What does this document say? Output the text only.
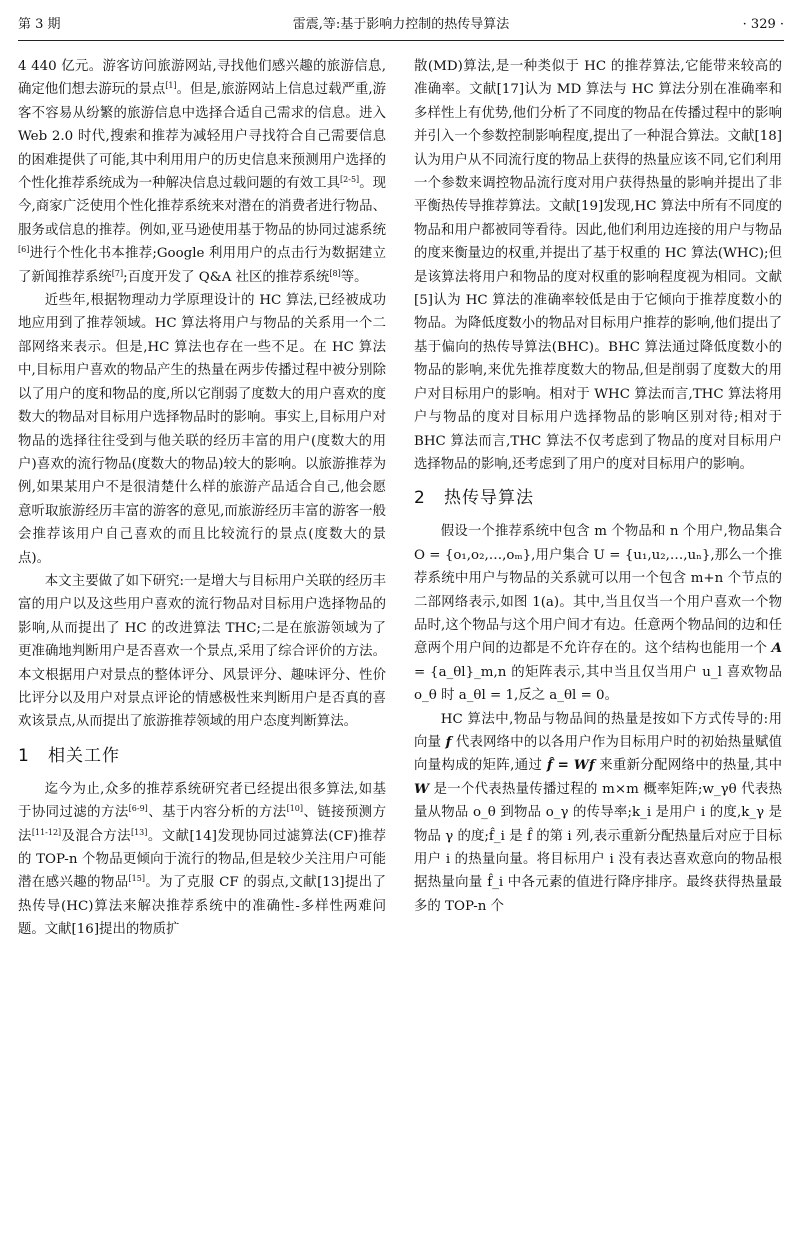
第 3 期	雷震,等:基于影响力控制的热传导算法	· 329 ·

4 440 亿元。游客访问旅游网站,寻找他们感兴趣的旅游信息,确定他们想去游玩的景点[1]。但是,旅游网站上信息过载严重,游客不容易从纷繁的旅游信息中选择合适自己需求的信息。进入 Web 2.0 时代,搜索和推荐为减轻用户寻找符合自己需要信息的困难提供了可能,其中利用用户的历史信息来预测用户选择的个性化推荐系统成为一种解决信息过载问题的有效工具[2-5]。现今,商家广泛使用个性化推荐系统来对潜在的消费者进行物品、服务或信息的推荐。例如,亚马逊使用基于物品的协同过滤系统[6]进行个性化书本推荐;Google 利用用户的点击行为数据建立了新闻推荐系统[7];百度开发了 Q&A 社区的推荐系统[8]等。

近些年,根据物理动力学原理设计的 HC 算法,已经被成功地应用到了推荐领域。HC 算法将用户与物品的关系用一个二部网络来表示。但是,HC 算法也存在一些不足。在 HC 算法中,目标用户喜欢的物品产生的热量在两步传播过程中被分别除以了用户的度和物品的度,所以它削弱了度数大的用户喜欢的度数大的物品对目标用户选择物品时的影响。事实上,目标用户对物品的选择往往受到与他关联的经历丰富的用户(度数大的用户)喜欢的流行物品(度数大的物品)较大的影响。以旅游推荐为例,如果某用户不是很清楚什么样的旅游产品适合自己,他会愿意听取旅游经历丰富的游客的意见,而旅游经历丰富的游客一般会推荐该用户自己喜欢的而且比较流行的景点(度数大的景点)。

本文主要做了如下研究:一是增大与目标用户关联的经历丰富的用户以及这些用户喜欢的流行物品对目标用户选择物品的影响,从而提出了 HC 的改进算法 THC;二是在旅游领域为了更准确地判断用户是否喜欢一个景点,采用了综合评价的方法。本文根据用户对景点的整体评分、风景评分、趣味评分、性价比评分以及用户对景点评论的情感极性来判断用户是否真的喜欢该景点,从而提出了旅游推荐领域的用户态度判断算法。

1 相关工作

迄今为止,众多的推荐系统研究者已经提出很多算法,如基于协同过滤的方法[6-9]、基于内容分析的方法[10]、链接预测方法[11-12]及混合方法[13]。文献[14]发现协同过滤算法(CF)推荐的 TOP-n 个物品更倾向于流行的物品,但是较少关注用户可能潜在感兴趣的物品[15]。为了克服 CF 的弱点,文献[13]提出了热传导(HC)算法来解决推荐系统中的准确性-多样性两难问题。文献[16]提出的物质扩

散(MD)算法,是一种类似于 HC 的推荐算法,它能带来较高的准确率。文献[17]认为 MD 算法与 HC 算法分别在准确率和多样性上有优势,他们分析了不同度的物品在传播过程中的影响并引入一个参数控制影响程度,提出了一种混合算法。文献[18]认为用户从不同流行度的物品上获得的热量应该不同,它们利用一个参数来调控物品流行度对用户获得热量的影响并提出了非平衡热传导推荐算法。文献[19]发现,HC 算法中所有不同度的物品和用户都被同等看待。因此,他们利用边连接的用户与物品的度来衡量边的权重,并提出了基于权重的 HC 算法(WHC);但是该算法将用户和物品的度对权重的影响程度视为相同。文献[5]认为 HC 算法的准确率较低是由于它倾向于推荐度数小的物品。为降低度数小的物品对目标用户推荐的影响,他们提出了基于偏向的热传导算法(BHC)。BHC 算法通过降低度数小的物品的影响,来优先推荐度数大的物品,但是削弱了度数大的用户对目标用户的影响。相对于 WHC 算法而言,THC 算法将用户与物品的度对目标用户选择物品的影响区别对待;相对于 BHC 算法而言,THC 算法不仅考虑到了物品的度对目标用户选择物品的影响,还考虑到了用户的度对目标用户的影响。

2 热传导算法

假设一个推荐系统中包含 m 个物品和 n 个用户,物品集合 O = {o₁,o₂,…,oₘ},用户集合 U = {u₁,u₂,…,uₙ},那么一个推荐系统中用户与物品的关系就可以用一个包含 m+n 个节点的二部网络表示,如图 1(a)。其中,当且仅当一个用户喜欢一个物品时,这个物品与这个用户间才有边。任意两个物品间的边和任意两个用户间的边都是不允许存在的。这个结构也能用一个 A = {a_θl}_m,n 的矩阵表示,其中当且仅当用户 u_l 喜欢物品 o_θ 时 a_θl = 1,反之 a_θl = 0。

HC 算法中,物品与物品间的热量是按如下方式传导的:用向量 f 代表网络中的以各用户作为目标用户时的初始热量赋值向量构成的矩阵,通过 f̂ = Wf 来重新分配网络中的热量,其中 W 是一个代表热量传播过程的 m×m 概率矩阵;w_γθ 代表热量从物品 o_θ 到物品 o_γ 的传导率;k_i 是用户 i 的度,k_γ 是物品 γ 的度;f̂_i 是 f̂ 的第 i 列,表示重新分配热量后对应于目标用户 i 的热量向量。将目标用户 i 没有表达喜欢意向的物品根据热量向量 f̂_i 中各元素的值进行降序排序。最终获得热量最多的 TOP-n 个
